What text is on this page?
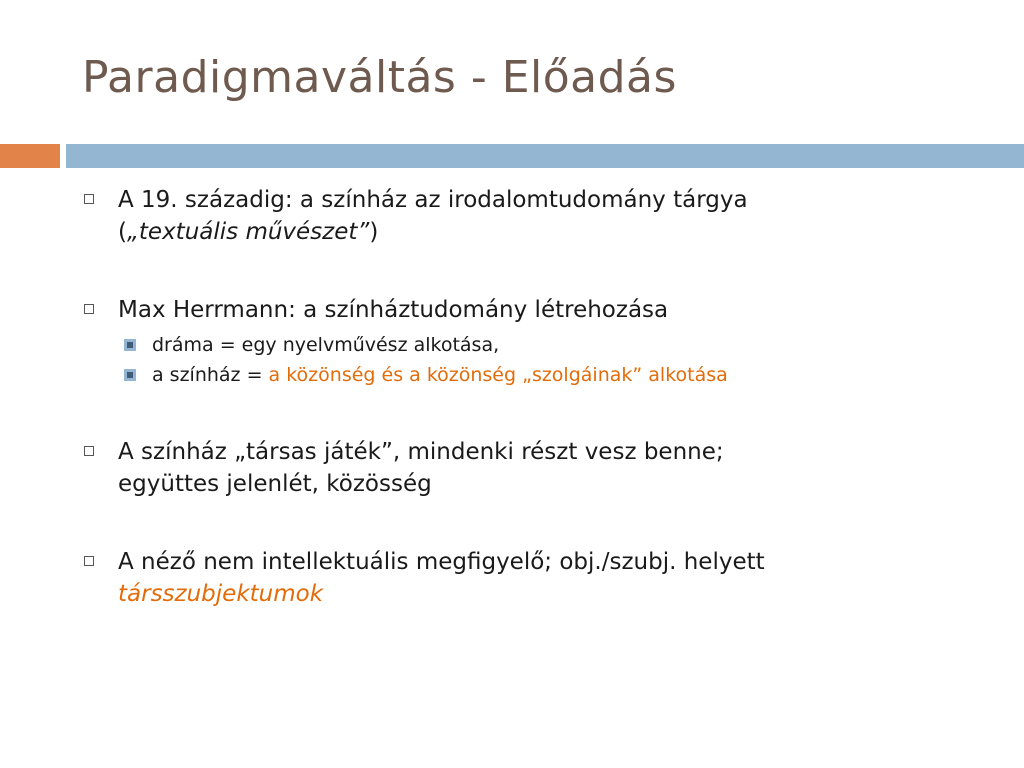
Paradigmaváltás - Előadás
A 19. századig: a színház az irodalomtudomány tárgya
(„textuális művészet”)
Max Herrmann: a színháztudomány létrehozása
dráma = egy nyelvművész alkotása,
a színház = a közönség és a közönség „szolgáinak” alkotása
A színház „társas játék”, mindenki részt vesz benne;
együttes jelenlét, közösség
A néző nem intellektuális megfigyelő; obj./szubj. helyett
társszubjektumok
